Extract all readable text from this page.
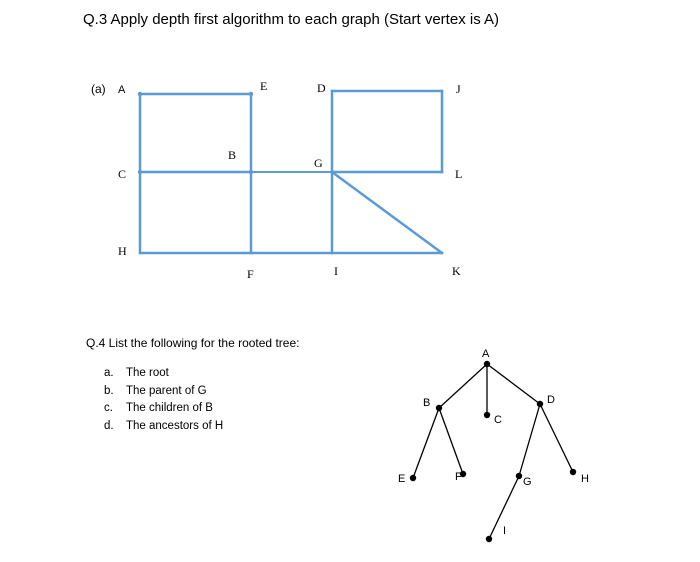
Q.3 Apply depth first algorithm to each graph (Start vertex is A)
(a) A
B
C
D
E
F
G
H
I
J
K
L
A
B
C
D
E	F	G	H
I
Q.4 List the following for the rooted tree:
a. The root
b. The parent of G
c. The children of B
d. The ancestors of H
